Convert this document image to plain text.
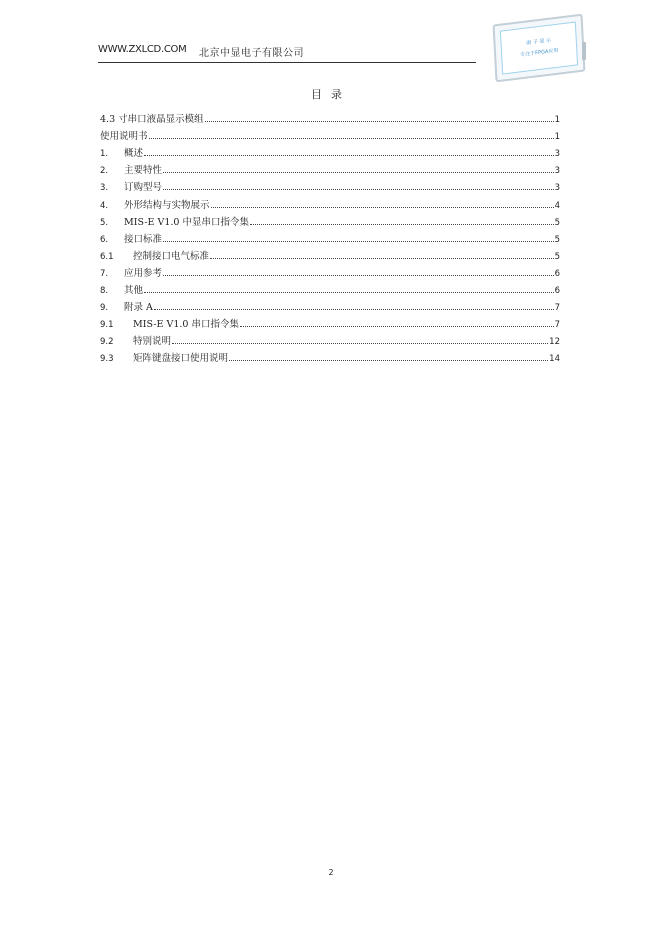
WWW.ZXLCD.COM 北京中显电子有限公司
雨 子 显 示
专注于FPGA应用
目录
4.3 寸串口液晶显示模组	1
使用说明书	1
1.	概述	3
2.	主要特性	3
3.	订购型号	3
4.	外形结构与实物展示	4
5.	MIS-E V1.0 中显串口指令集	5
6.	接口标准	5
6.1	控制接口电气标准	5
7.	应用参考	6
8.	其他	6
9.	附录 A	7
9.1	MIS-E V1.0 串口指令集	7
9.2	特别说明	12
9.3	矩阵键盘接口使用说明	14
2
